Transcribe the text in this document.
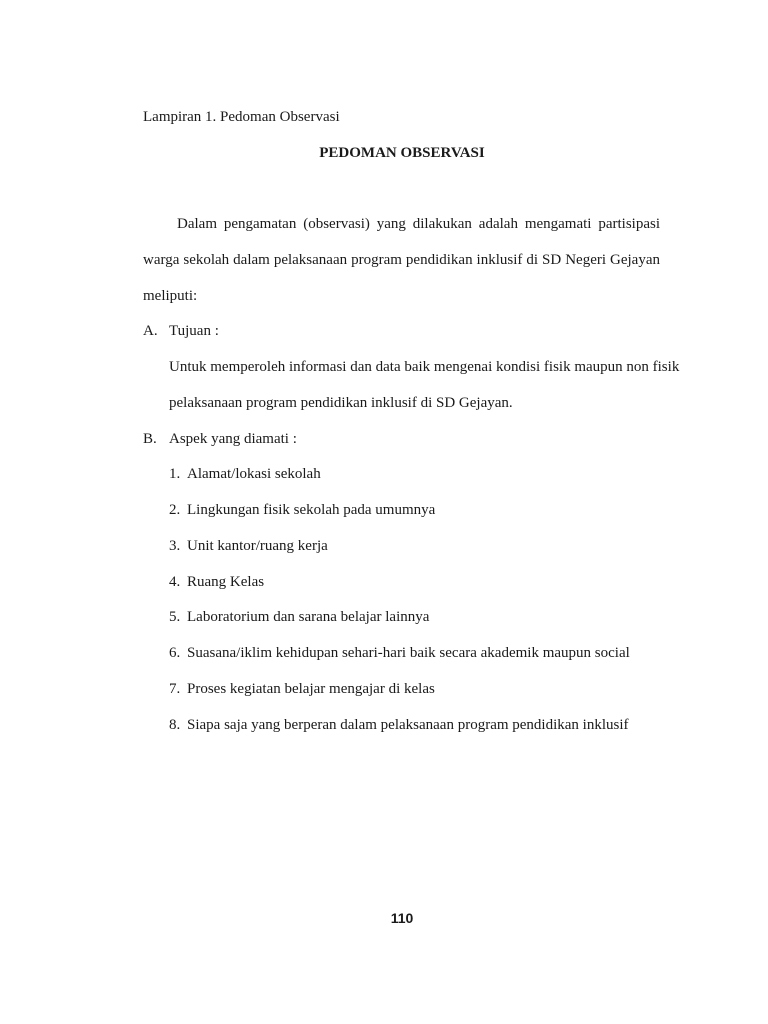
Lampiran 1. Pedoman Observasi
PEDOMAN OBSERVASI
Dalam pengamatan (observasi) yang dilakukan adalah mengamati partisipasi
warga sekolah dalam pelaksanaan program pendidikan inklusif di SD Negeri Gejayan
meliputi:
A. Tujuan :
Untuk memperoleh informasi dan data baik mengenai kondisi fisik maupun non fisik
pelaksanaan program pendidikan inklusif di SD Gejayan.
B. Aspek yang diamati :
1. Alamat/lokasi sekolah
2. Lingkungan fisik sekolah pada umumnya
3. Unit kantor/ruang kerja
4. Ruang Kelas
5. Laboratorium dan sarana belajar lainnya
6. Suasana/iklim kehidupan sehari-hari baik secara akademik maupun social
7. Proses kegiatan belajar mengajar di kelas
8. Siapa saja yang berperan dalam pelaksanaan program pendidikan inklusif
110
